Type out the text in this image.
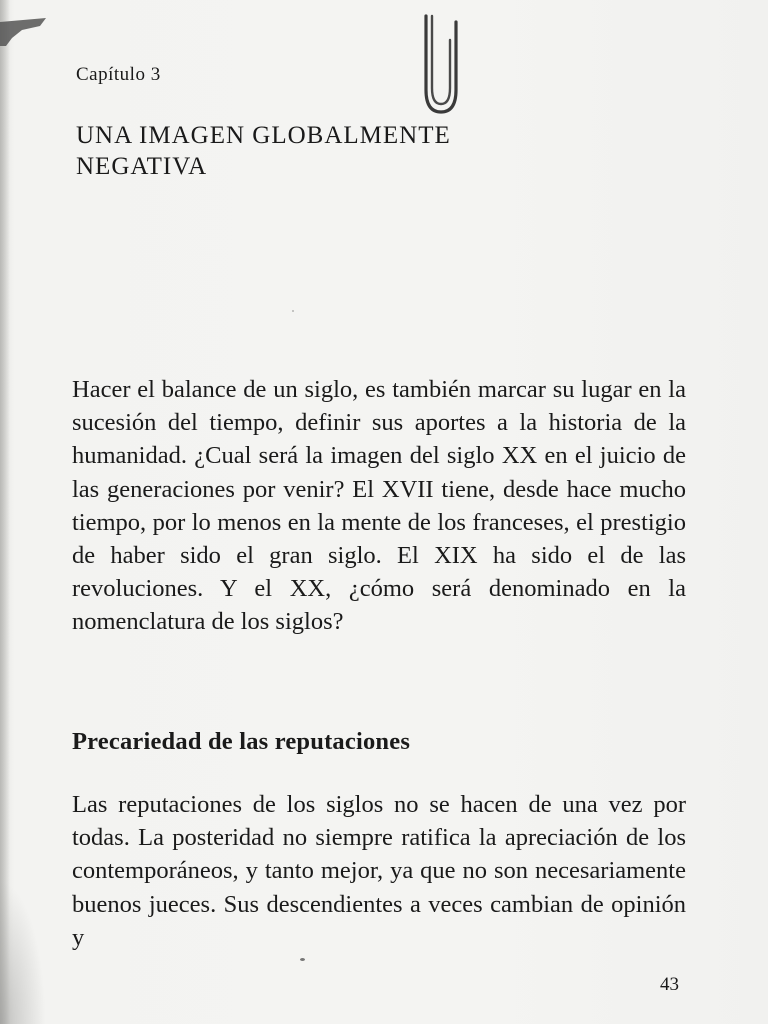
Capítulo 3
UNA IMAGEN GLOBALMENTE
NEGATIVA

Hacer el balance de un siglo, es también marcar su lugar en la sucesión del tiempo, definir sus aportes a la historia de la humanidad. ¿Cual será la imagen del siglo XX en el juicio de las generaciones por venir? El XVII tiene, desde hace mucho tiempo, por lo menos en la mente de los franceses, el prestigio de haber sido el gran siglo. El XIX ha sido el de las revoluciones. Y el XX, ¿cómo será denominado en la nomenclatura de los siglos?

Precariedad de las reputaciones

Las reputaciones de los siglos no se hacen de una vez por todas. La posteridad no siempre ratifica la apreciación de los contemporáneos, y tanto mejor, ya que no son necesariamente buenos jueces. Sus descendientes a veces cambian de opinión y

43
